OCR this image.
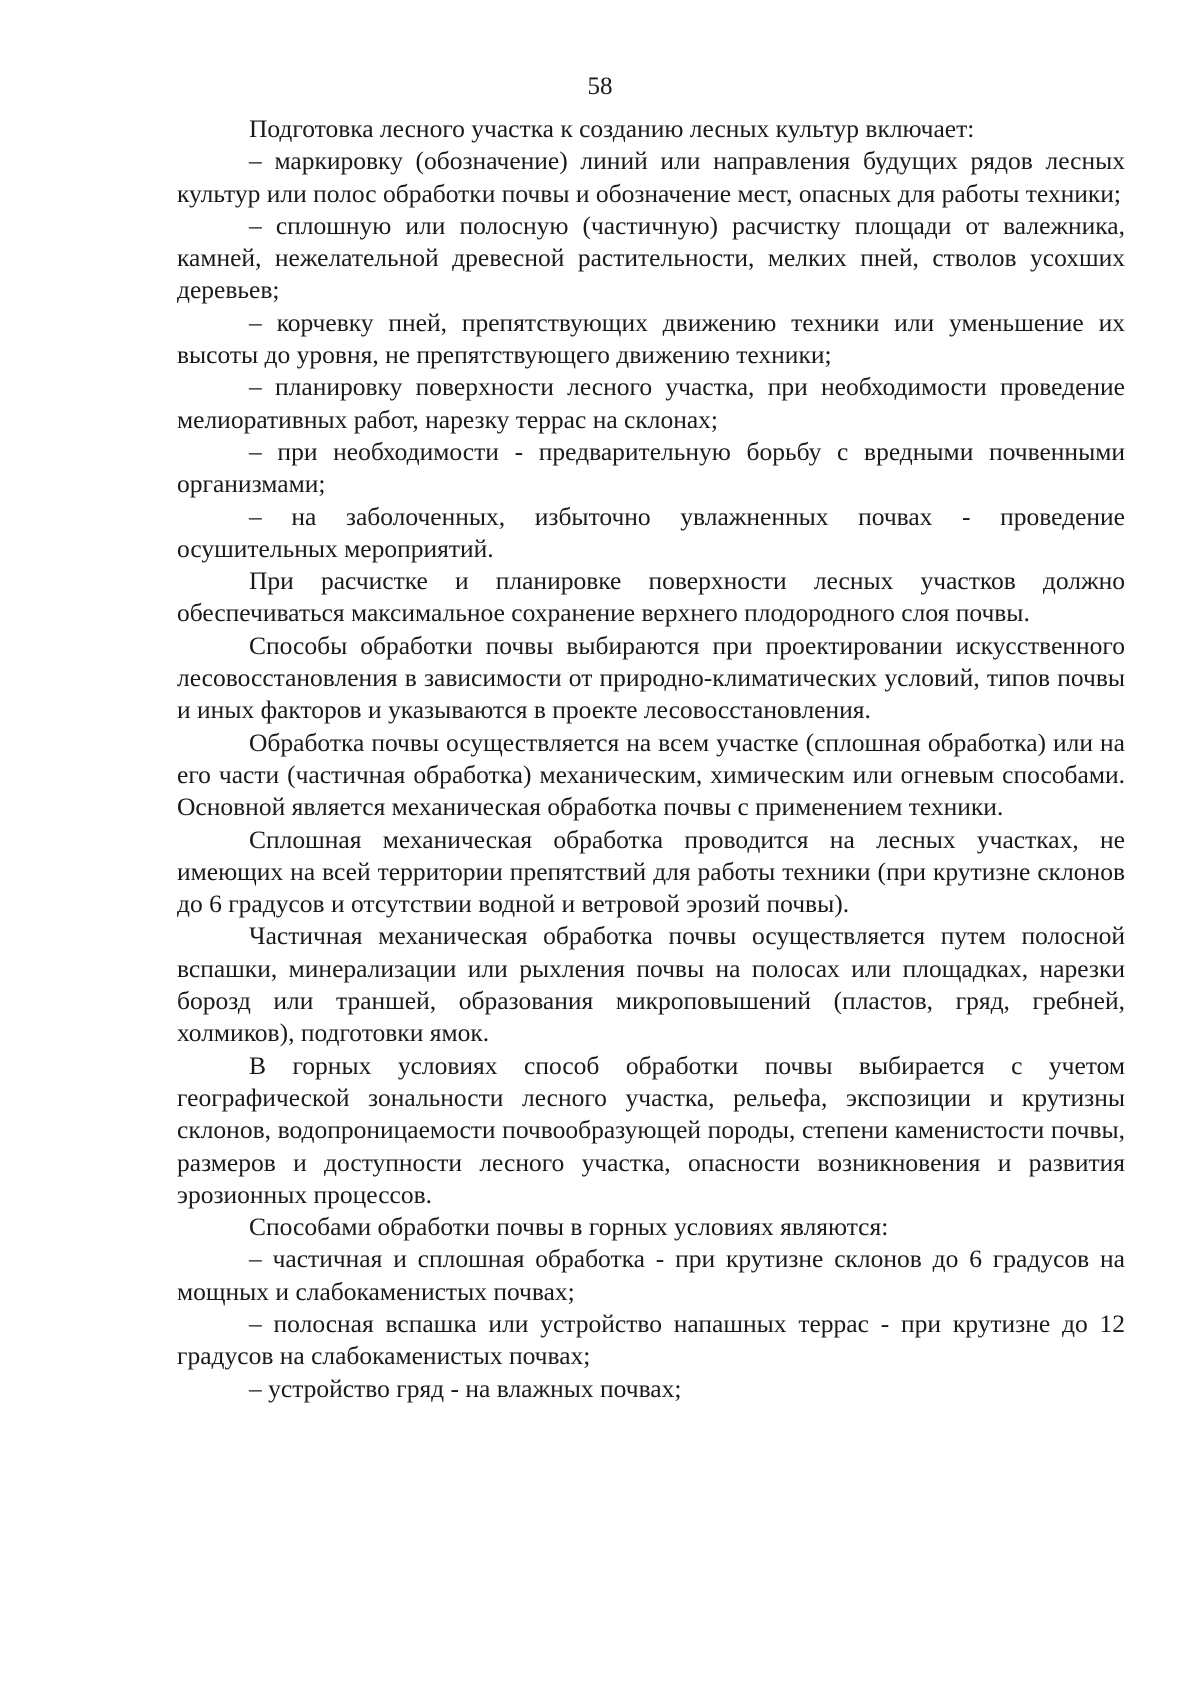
58

Подготовка лесного участка к созданию лесных культур включает:

– маркировку (обозначение) линий или направления будущих рядов лесных культур или полос обработки почвы и обозначение мест, опасных для работы техники;

– сплошную или полосную (частичную) расчистку площади от валежника, камней, нежелательной древесной растительности, мелких пней, стволов усохших деревьев;

– корчевку пней, препятствующих движению техники или уменьшение их высоты до уровня, не препятствующего движению техники;

– планировку поверхности лесного участка, при необходимости проведение мелиоративных работ, нарезку террас на склонах;

– при необходимости - предварительную борьбу с вредными почвенными организмами;

– на заболоченных, избыточно увлажненных почвах - проведение осушительных мероприятий.

При расчистке и планировке поверхности лесных участков должно обеспечиваться максимальное сохранение верхнего плодородного слоя почвы.

Способы обработки почвы выбираются при проектировании искусственного лесовосстановления в зависимости от природно-климатических условий, типов почвы и иных факторов и указываются в проекте лесовосстановления.

Обработка почвы осуществляется на всем участке (сплошная обработка) или на его части (частичная обработка) механическим, химическим или огневым способами. Основной является механическая обработка почвы с применением техники.

Сплошная механическая обработка проводится на лесных участках, не имеющих на всей территории препятствий для работы техники (при крутизне склонов до 6 градусов и отсутствии водной и ветровой эрозий почвы).

Частичная механическая обработка почвы осуществляется путем полосной вспашки, минерализации или рыхления почвы на полосах или площадках, нарезки борозд или траншей, образования микроповышений (пластов, гряд, гребней, холмиков), подготовки ямок.

В горных условиях способ обработки почвы выбирается с учетом географической зональности лесного участка, рельефа, экспозиции и крутизны склонов, водопроницаемости почвообразующей породы, степени каменистости почвы, размеров и доступности лесного участка, опасности возникновения и развития эрозионных процессов.

Способами обработки почвы в горных условиях являются:

– частичная и сплошная обработка - при крутизне склонов до 6 градусов на мощных и слабокаменистых почвах;

– полосная вспашка или устройство напашных террас - при крутизне до 12 градусов на слабокаменистых почвах;

– устройство гряд - на влажных почвах;
